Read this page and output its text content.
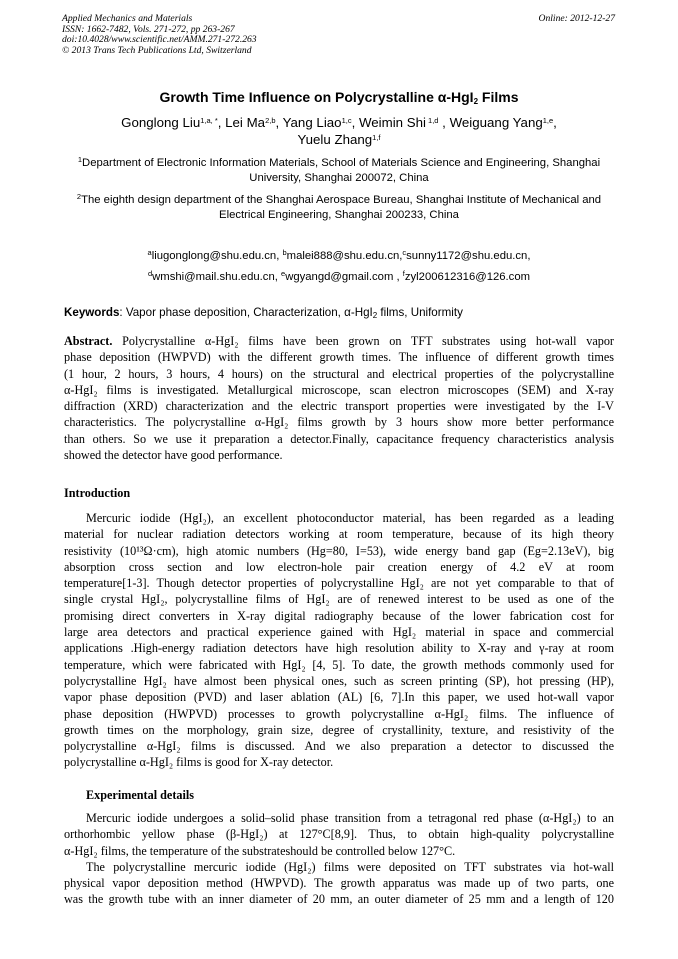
Applied Mechanics and Materials
ISSN: 1662-7482, Vols. 271-272, pp 263-267
doi:10.4028/www.scientific.net/AMM.271-272.263
© 2013 Trans Tech Publications Ltd, Switzerland
Online: 2012-12-27
Growth Time Influence on Polycrystalline α-HgI$_2$ Films
Gonglong Liu$^{1,a, *}$, Lei Ma$^{2,b}$, Yang Liao$^{1,c}$, Weimin Shi $^{1,d}$ , Weiguang Yang$^{1,e}$,
Yuelu Zhang$^{1,f}$
$^1$Department of Electronic Information Materials, School of Materials Science and Engineering, Shanghai University, Shanghai 200072, China
$^2$The eighth design department of the Shanghai Aerospace Bureau, Shanghai Institute of Mechanical and Electrical Engineering, Shanghai 200233, China
$^a$liugonglong@shu.edu.cn, $^b$malei888@shu.edu.cn,$^c$sunny1172@shu.edu.cn,
$^d$wmshi@mail.shu.edu.cn, $^e$wgyangd@gmail.com , $^f$zyl200612316@126.com
Keywords: Vapor phase deposition, Characterization, α-HgI$_2$ films, Uniformity
Abstract. Polycrystalline α-HgI₂ films have been grown on TFT substrates using hot-wall vapor
phase deposition (HWPVD) with the different growth times. The influence of different growth times
(1 hour, 2 hours, 3 hours, 4 hours) on the structural and electrical properties of the polycrystalline
α-HgI₂ films is investigated. Metallurgical microscope, scan electron microscopes (SEM) and X-ray
diffraction (XRD) characterization and the electric transport properties were investigated by the I-V
characteristics. The polycrystalline α-HgI₂ films growth by 3 hours show more better performance
than others. So we use it preparation a detector.Finally, capacitance frequency characteristics analysis
showed the detector have good performance.
Introduction
Mercuric iodide (HgI₂), an excellent photoconductor material, has been regarded as a leading
material for nuclear radiation detectors working at room temperature, because of its high theory
resistivity (10¹³Ω·cm), high atomic numbers (Hg=80, I=53), wide energy band gap (Eg=2.13eV), big
absorption cross section and low electron-hole pair creation energy of 4.2 eV at room
temperature[1-3]. Though detector properties of polycrystalline HgI₂ are not yet comparable to that of
single crystal HgI₂, polycrystalline films of HgI₂ are of renewed interest to be used as one of the
promising direct converters in X-ray digital radiography because of the lower fabrication cost for
large area detectors and practical experience gained with HgI₂ material in space and commercial
applications .High-energy radiation detectors have high resolution ability to X-ray and γ-ray at room
temperature, which were fabricated with HgI₂ [4, 5]. To date, the growth methods commonly used for
polycrystalline HgI₂ have almost been physical ones, such as screen printing (SP), hot pressing (HP),
vapor phase deposition (PVD) and laser ablation (AL) [6, 7].In this paper, we used hot-wall vapor
phase deposition (HWPVD) processes to growth polycrystalline α-HgI₂ films. The influence of
growth times on the morphology, grain size, degree of crystallinity, texture, and resistivity of the
polycrystalline α-HgI₂ films is discussed. And we also preparation a detector to discussed the
polycrystalline α-HgI₂ films is good for X-ray detector.
Experimental details
Mercuric iodide undergoes a solid–solid phase transition from a tetragonal red phase (α-HgI₂) to an
orthorhombic yellow phase (β-HgI₂) at 127°C[8,9]. Thus, to obtain high-quality polycrystalline
α-HgI₂ films, the temperature of the substrateshould be controlled below 127°C.
The polycrystalline mercuric iodide (HgI₂) films were deposited on TFT substrates via hot-wall
physical vapor deposition method (HWPVD). The growth apparatus was made up of two parts, one
was the growth tube with an inner diameter of 20 mm, an outer diameter of 25 mm and a length of 120
